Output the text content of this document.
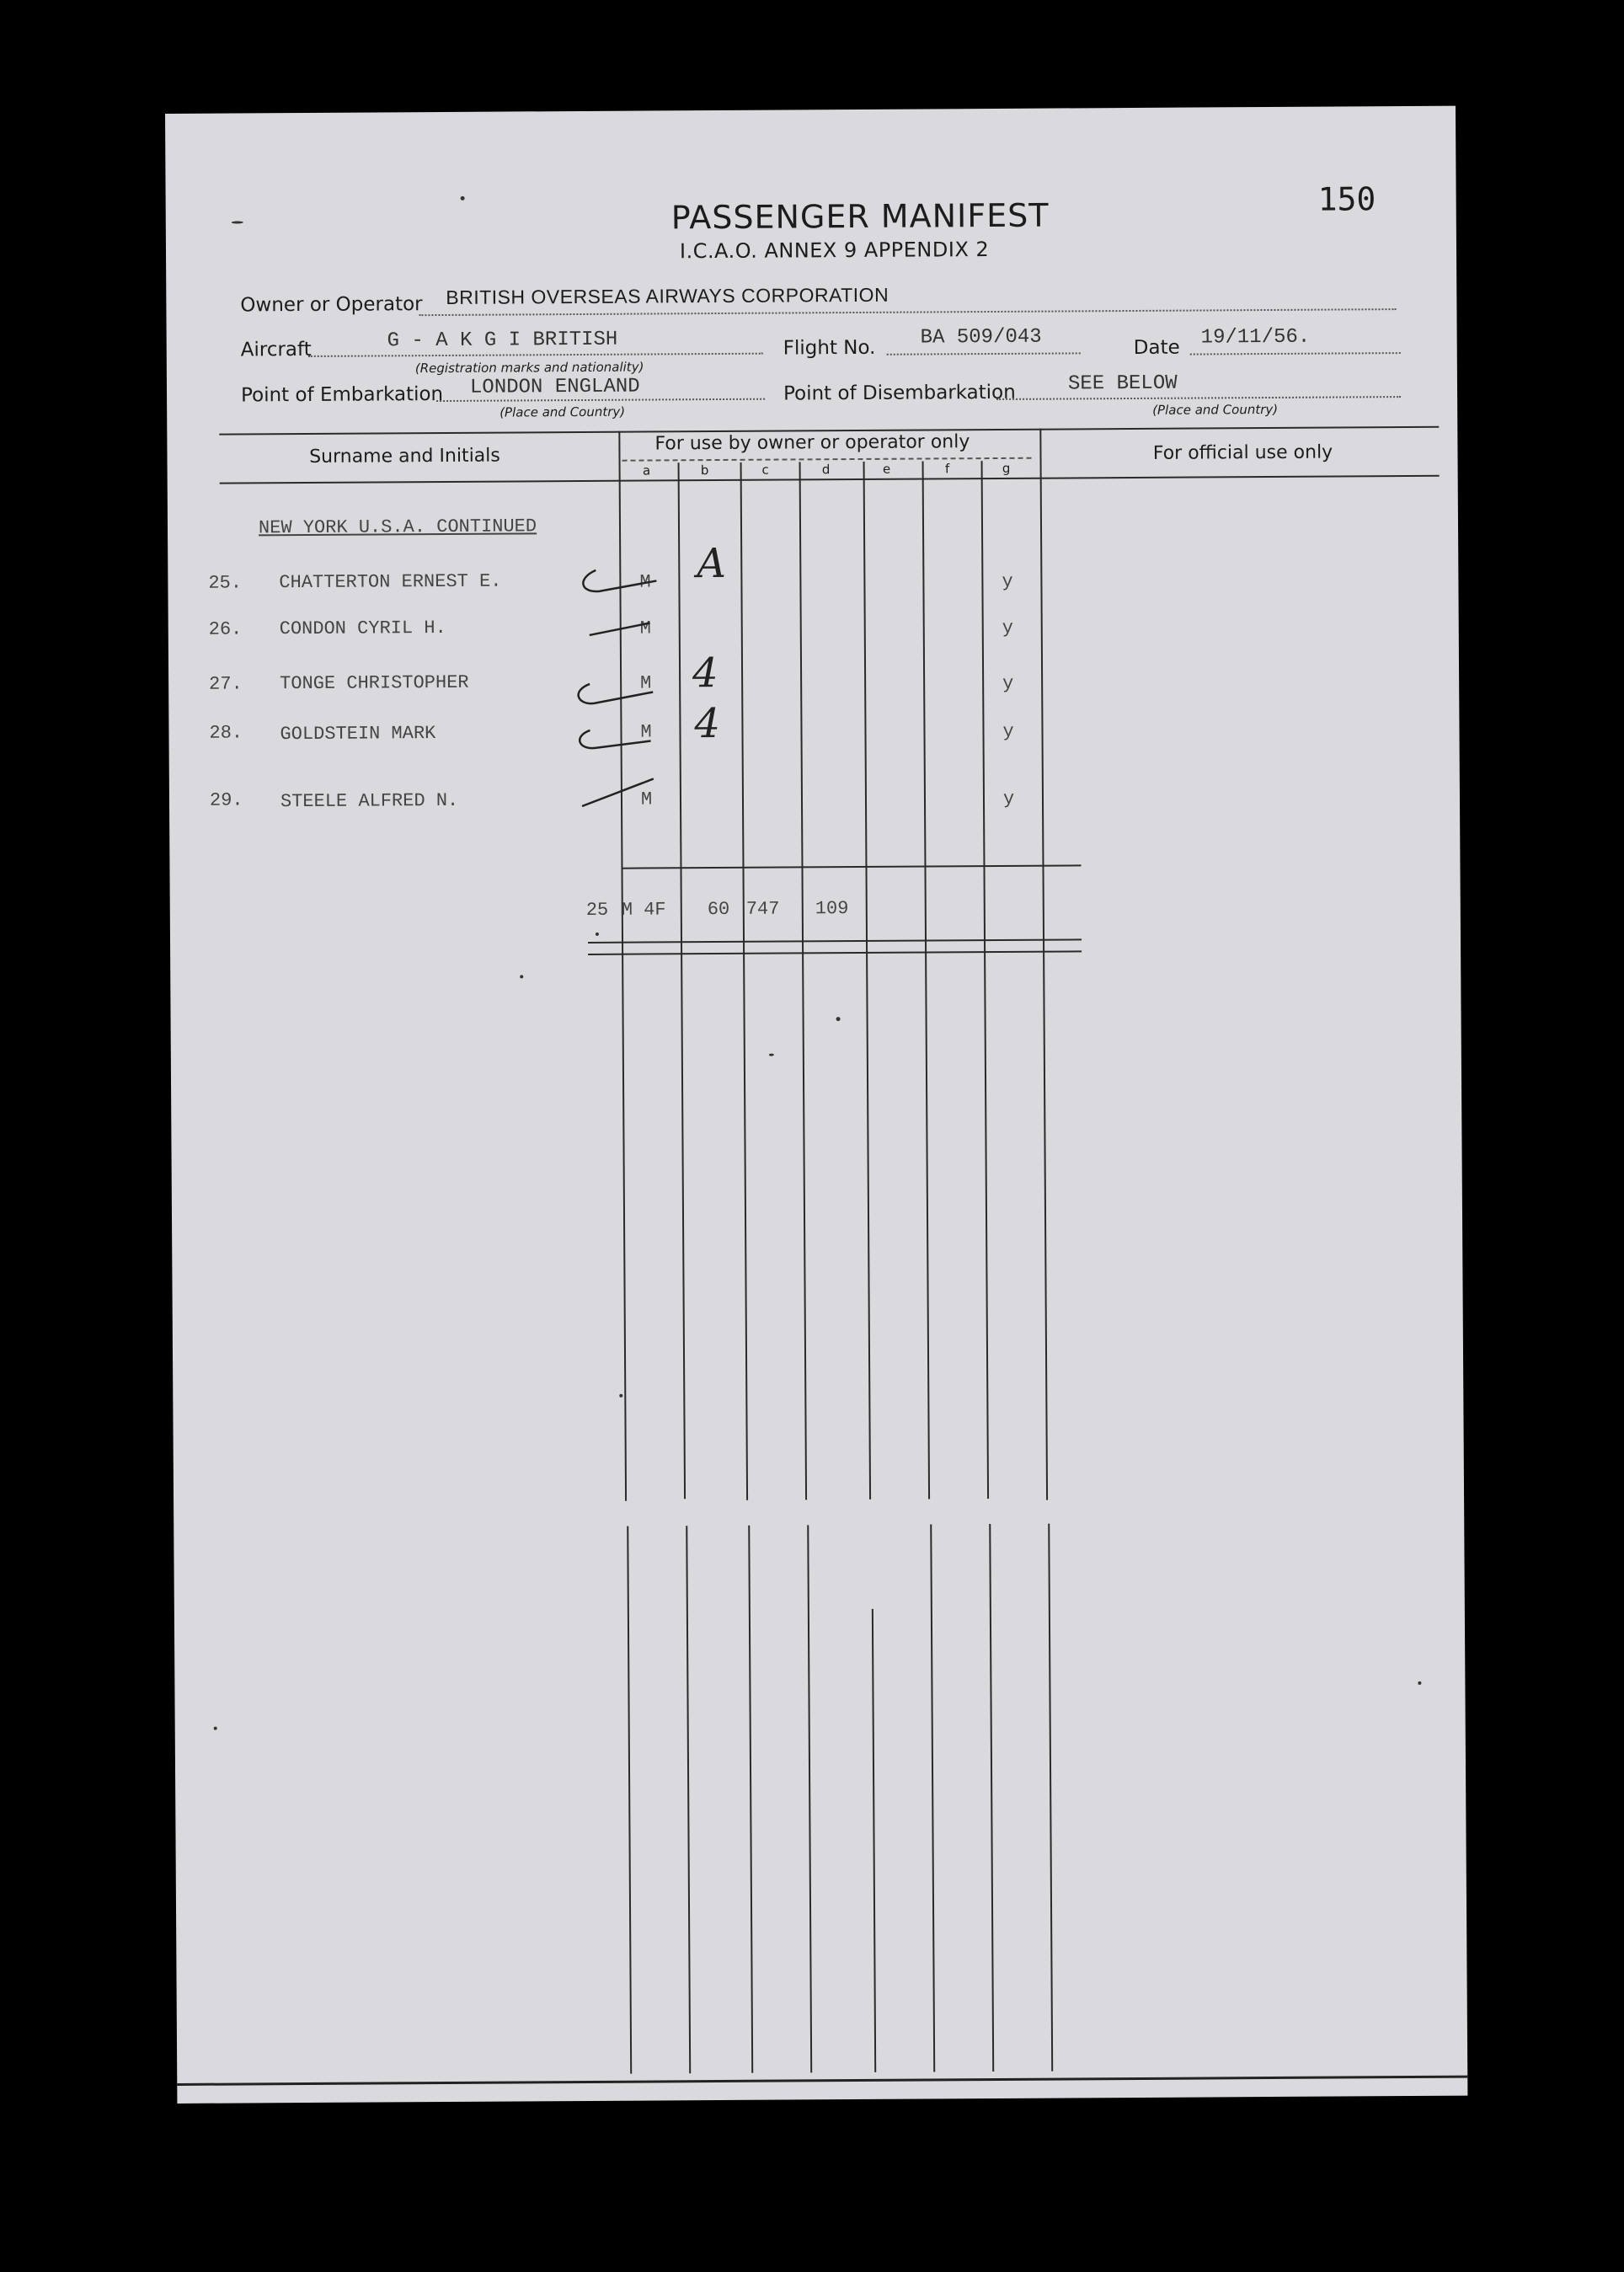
PASSENGER MANIFEST
I.C.A.O. ANNEX 9 APPENDIX 2
150
Owner or Operator BRITISH OVERSEAS AIRWAYS CORPORATION
Aircraft	G - A K G I BRITISH
(Registration marks and nationality)
Flight No. BA 509/043	Date 19/11/56.
Point of Embarkation LONDON ENGLAND
(Place and Country)
Point of Disembarkation	SEE BELOW
(Place and Country)
Surname and Initials
For use by owner or operator only	For official use only
a	b	c	d	e	f	g
NEW YORK U.S.A. CONTINUED
25. CHATTERTON ERNEST E.	M A	y
26. CONDON CYRIL H.	M	y
27. TONGE CHRISTOPHER	M 4	y
28. GOLDSTEIN MARK	M 4	y
29. STEELE ALFRED N.	M	y
25 M 4F 60 747 109
